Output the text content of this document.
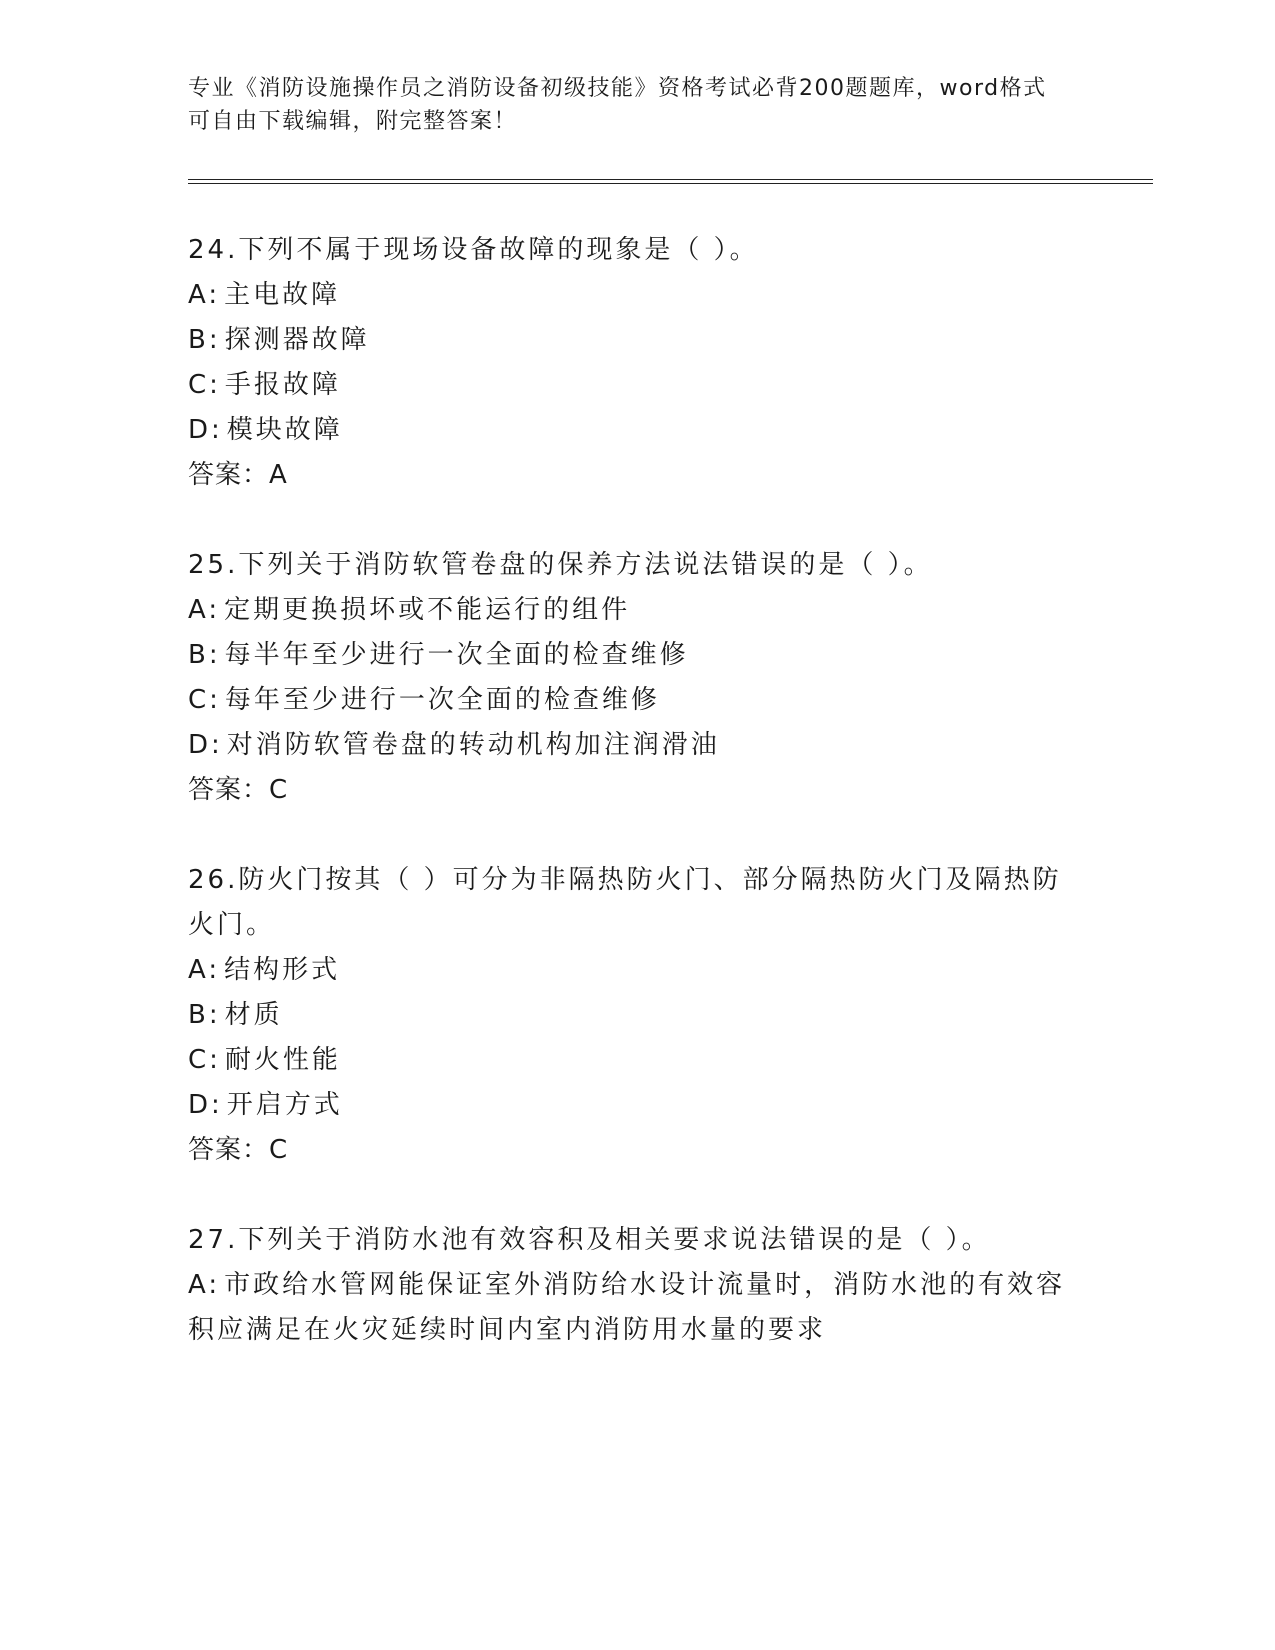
专业《消防设施操作员之消防设备初级技能》资格考试必背200题题库，word格式可自由下载编辑，附完整答案！

24.下列不属于现场设备故障的现象是（ ）。

A: 主电故障

B: 探测器故障

C: 手报故障

D: 模块故障

答案：A

25.下列关于消防软管卷盘的保养方法说法错误的是（ ）。

A: 定期更换损坏或不能运行的组件

B: 每半年至少进行一次全面的检查维修

C: 每年至少进行一次全面的检查维修

D: 对消防软管卷盘的转动机构加注润滑油

答案：C

26.防火门按其（ ）可分为非隔热防火门、部分隔热防火门及隔热防火门。

A: 结构形式

B: 材质

C: 耐火性能

D: 开启方式

答案：C

27.下列关于消防水池有效容积及相关要求说法错误的是（ ）。

A: 市政给水管网能保证室外消防给水设计流量时，消防水池的有效容积应满足在火灾延续时间内室内消防用水量的要求
